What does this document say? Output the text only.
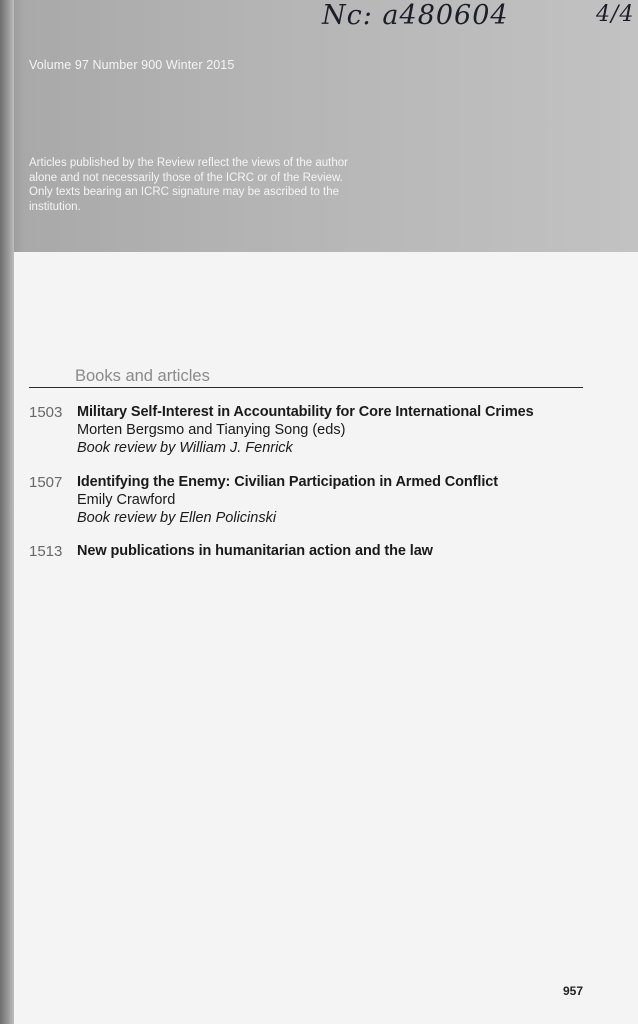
Nc: a480604	4/4
Volume 97 Number 900 Winter 2015
Articles published by the Review reflect the views of the author alone and not necessarily those of the ICRC or of the Review. Only texts bearing an ICRC signature may be ascribed to the institution.

Books and articles
1503 Military Self-Interest in Accountability for Core International Crimes
Morten Bergsmo and Tianying Song (eds)
Book review by William J. Fenrick
1507 Identifying the Enemy: Civilian Participation in Armed Conflict
Emily Crawford
Book review by Ellen Policinski
1513 New publications in humanitarian action and the law
957
